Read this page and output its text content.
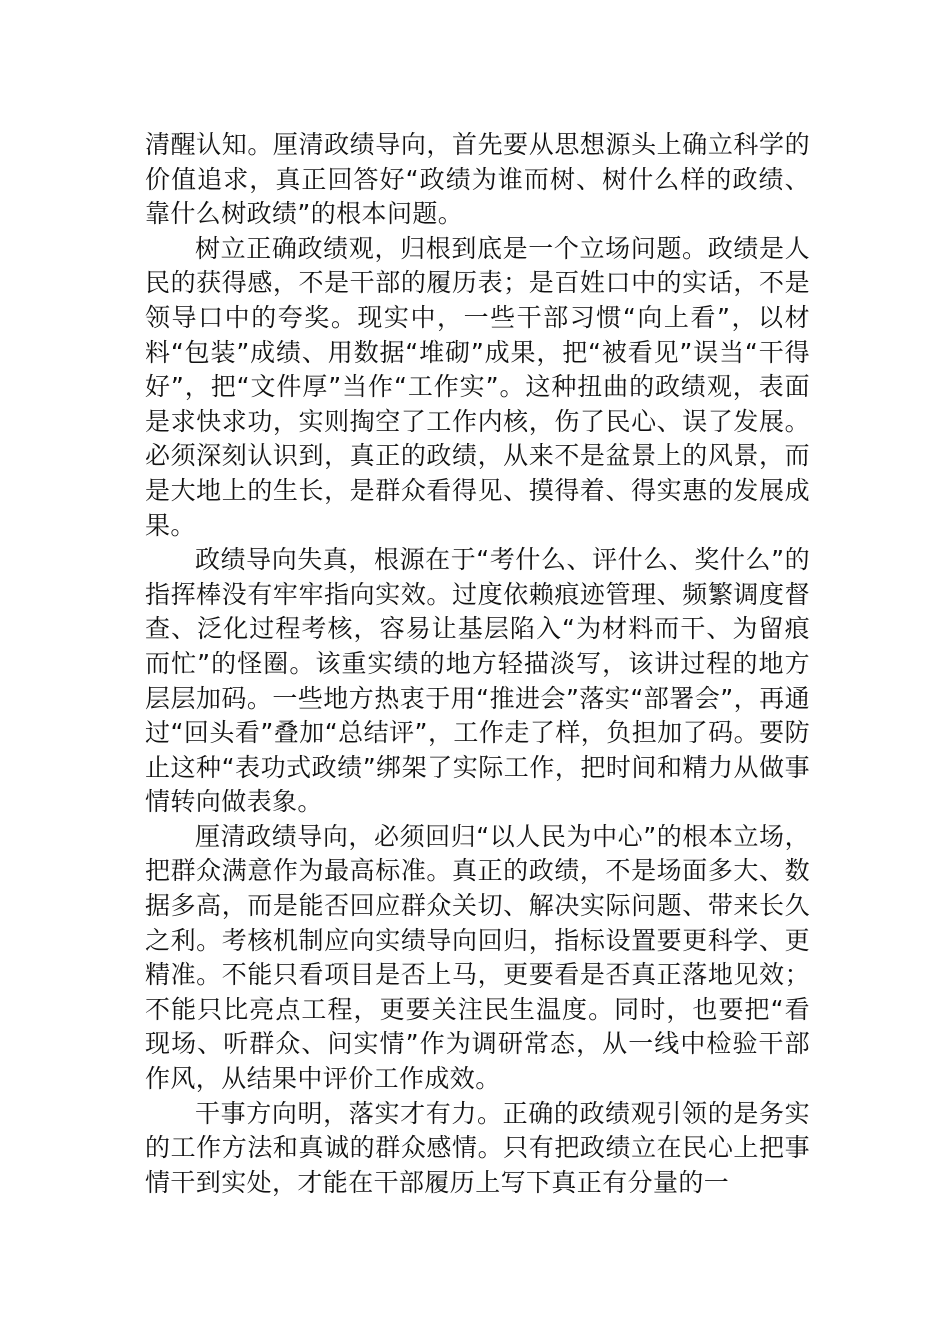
清醒认知。厘清政绩导向，首先要从思想源头上确立科学的价值追求，真正回答好“政绩为谁而树、树什么样的政绩、靠什么树政绩”的根本问题。

树立正确政绩观，归根到底是一个立场问题。政绩是人民的获得感，不是干部的履历表；是百姓口中的实话，不是领导口中的夸奖。现实中，一些干部习惯“向上看”，以材料“包装”成绩、用数据“堆砌”成果，把“被看见”误当“干得好”，把“文件厚”当作“工作实”。这种扭曲的政绩观，表面是求快求功，实则掏空了工作内核，伤了民心、误了发展。必须深刻认识到，真正的政绩，从来不是盆景上的风景，而是大地上的生长，是群众看得见、摸得着、得实惠的发展成果。

政绩导向失真，根源在于“考什么、评什么、奖什么”的指挥棒没有牢牢指向实效。过度依赖痕迹管理、频繁调度督查、泛化过程考核，容易让基层陷入“为材料而干、为留痕而忙”的怪圈。该重实绩的地方轻描淡写，该讲过程的地方层层加码。一些地方热衷于用“推进会”落实“部署会”，再通过“回头看”叠加“总结评”，工作走了样，负担加了码。要防止这种“表功式政绩”绑架了实际工作，把时间和精力从做事情转向做表象。

厘清政绩导向，必须回归“以人民为中心”的根本立场，把群众满意作为最高标准。真正的政绩，不是场面多大、数据多高，而是能否回应群众关切、解决实际问题、带来长久之利。考核机制应向实绩导向回归，指标设置要更科学、更精准。不能只看项目是否上马，更要看是否真正落地见效；不能只比亮点工程，更要关注民生温度。同时，也要把“看现场、听群众、问实情”作为调研常态，从一线中检验干部作风，从结果中评价工作成效。

干事方向明，落实才有力。正确的政绩观引领的是务实的工作方法和真诚的群众感情。只有把政绩立在民心上把事情干到实处，才能在干部履历上写下真正有分量的一
